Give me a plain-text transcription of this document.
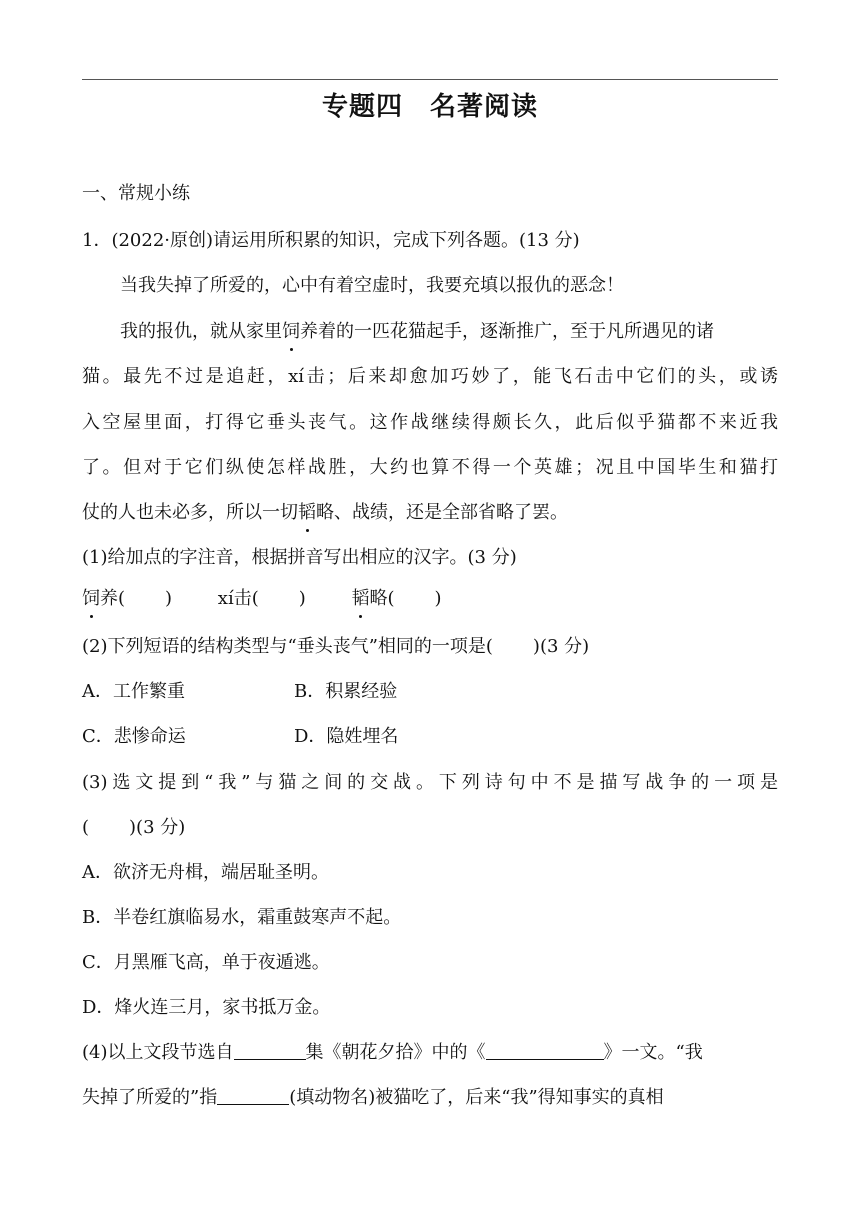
专题四　名著阅读
一、常规小练
1．(2022·原创)请运用所积累的知识，完成下列各题。(13 分)
当我失掉了所爱的，心中有着空虚时，我要充填以报仇的恶念！
我的报仇，就从家里饲养着的一匹花猫起手，逐渐推广，至于凡所遇见的诸
猫。最先不过是追赶，xí击；后来却愈加巧妙了，能飞石击中它们的头，或诱
入空屋里面，打得它垂头丧气。这作战继续得颇长久，此后似乎猫都不来近我
了。但对于它们纵使怎样战胜，大约也算不得一个英雄；况且中国毕生和猫打
仗的人也未必多，所以一切韬略、战绩，还是全部省略了罢。
(1)给加点的字注音，根据拼音写出相应的汉字。(3 分)
饲养( )	xí击( )	韬略( )
(2)下列短语的结构类型与“垂头丧气”相同的一项是( )(3 分)
A．工作繁重	B．积累经验
C．悲惨命运	D．隐姓埋名
(3)选文提到“我”与猫之间的交战。下列诗句中不是描写战争的一项是
( )(3 分)
A．欲济无舟楫，端居耻圣明。
B．半卷红旗临易水，霜重鼓寒声不起。
C．月黑雁飞高，单于夜遁逃。
D．烽火连三月，家书抵万金。
(4)以上文段节选自	集《朝花夕拾》中的《	》一文。“我
失掉了所爱的”指	(填动物名)被猫吃了，后来“我”得知事实的真相
